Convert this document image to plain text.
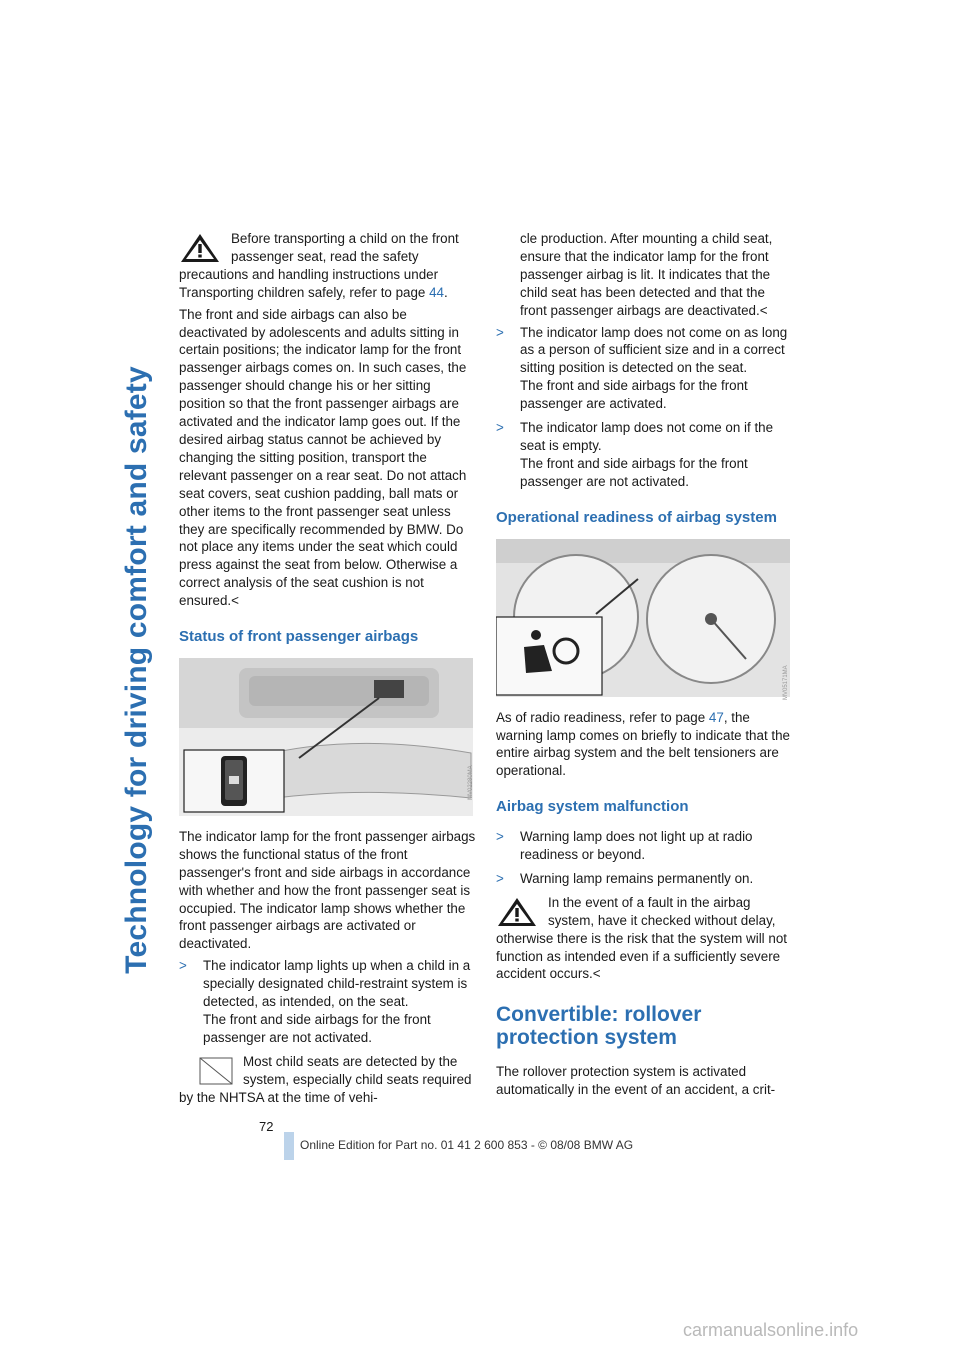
Technology for driving comfort and safety

Before transporting a child on the front passenger seat, read the safety precautions and handling instructions under Transporting children safely, refer to page 44.

The front and side airbags can also be deactivated by adolescents and adults sitting in certain positions; the indicator lamp for the front passenger airbags comes on. In such cases, the passenger should change his or her sitting position so that the front passenger airbags are activated and the indicator lamp goes out. If the desired airbag status cannot be achieved by changing the sitting position, transport the relevant passenger on a rear seat. Do not attach seat covers, seat cushion padding, ball mats or other items to the front passenger seat unless they are specifically recommended by BMW. Do not place any items under the seat which could press against the seat from below. Otherwise a correct analysis of the seat cushion is not ensured.<

Status of front passenger airbags

The indicator lamp for the front passenger airbags shows the functional status of the front passenger's front and side airbags in accordance with whether and how the front passenger seat is occupied. The indicator lamp shows whether the front passenger airbags are activated or deactivated.

> The indicator lamp lights up when a child in a specially designated child-restraint system is detected, as intended, on the seat.
The front and side airbags for the front passenger are not activated.

Most child seats are detected by the system, especially child seats required by the NHTSA at the time of vehi-

cle production. After mounting a child seat, ensure that the indicator lamp for the front passenger airbag is lit. It indicates that the child seat has been detected and that the front passenger airbags are deactivated.<

> The indicator lamp does not come on as long as a person of sufficient size and in a correct sitting position is detected on the seat.
The front and side airbags for the front passenger are activated.
> The indicator lamp does not come on if the seat is empty.
The front and side airbags for the front passenger are not activated.
Operational readiness of airbag system

As of radio readiness, refer to page 47, the warning lamp comes on briefly to indicate that the entire airbag system and the belt tensioners are operational.

Airbag system malfunction
> Warning lamp does not light up at radio readiness or beyond.
> Warning lamp remains permanently on.

In the event of a fault in the airbag system, have it checked without delay, otherwise there is the risk that the system will not function as intended even if a sufficiently severe accident occurs.<

Convertible: rollover protection system

The rollover protection system is activated automatically in the event of an accident, a crit-

MV02280MA
MV05171MA
72
Online Edition for Part no. 01 41 2 600 853 - © 08/08 BMW AG
carmanualsonline.info
